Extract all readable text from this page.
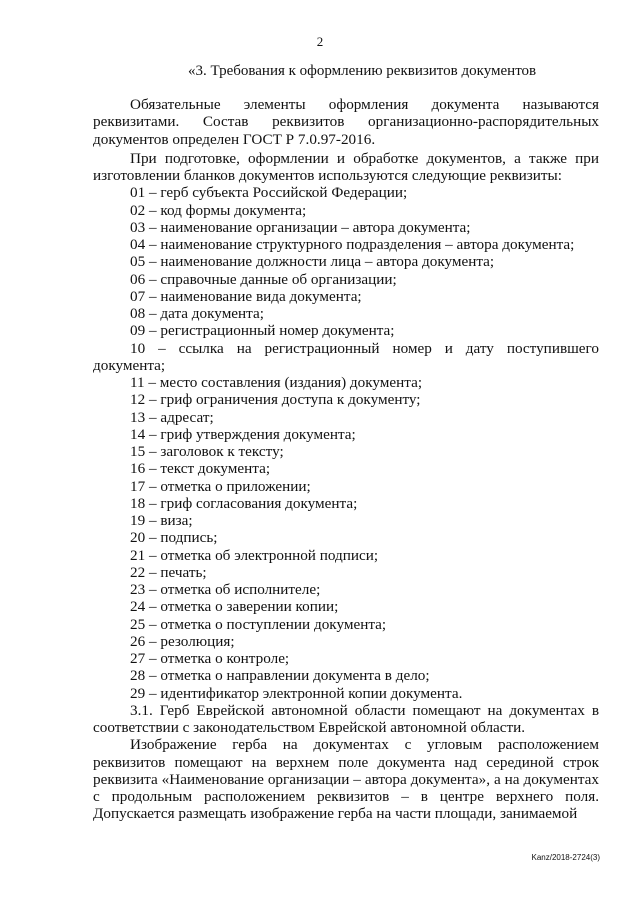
2
«3. Требования к оформлению реквизитов документов

Обязательные элементы оформления документа называются реквизитами. Состав реквизитов организационно-распорядительных документов определен ГОСТ Р 7.0.97-2016.

При подготовке, оформлении и обработке документов, а также при изготовлении бланков документов используются следующие реквизиты:

01 – герб субъекта Российской Федерации;
02 – код формы документа;
03 – наименование организации – автора документа;
04 – наименование структурного подразделения – автора документа;
05 – наименование должности лица – автора документа;
06 – справочные данные об организации;
07 – наименование вида документа;
08 – дата документа;
09 – регистрационный номер документа;
10 – ссылка на регистрационный номер и дату поступившего документа;
11 – место составления (издания) документа;
12 – гриф ограничения доступа к документу;
13 – адресат;
14 – гриф утверждения документа;
15 – заголовок к тексту;
16 – текст документа;
17 – отметка о приложении;
18 – гриф согласования документа;
19 – виза;
20 – подпись;
21 – отметка об электронной подписи;
22 – печать;
23 – отметка об исполнителе;
24 – отметка о заверении копии;
25 – отметка о поступлении документа;
26 – резолюция;
27 – отметка о контроле;
28 – отметка о направлении документа в дело;
29 – идентификатор электронной копии документа.

3.1. Герб Еврейской автономной области помещают на документах в соответствии с законодательством Еврейской автономной области.

Изображение герба на документах с угловым расположением реквизитов помещают на верхнем поле документа над серединой строк реквизита «Наименование организации – автора документа», а на документах с продольным расположением реквизитов – в центре верхнего поля. Допускается размещать изображение герба на части площади, занимаемой

Kanz/2018-2724(3)
